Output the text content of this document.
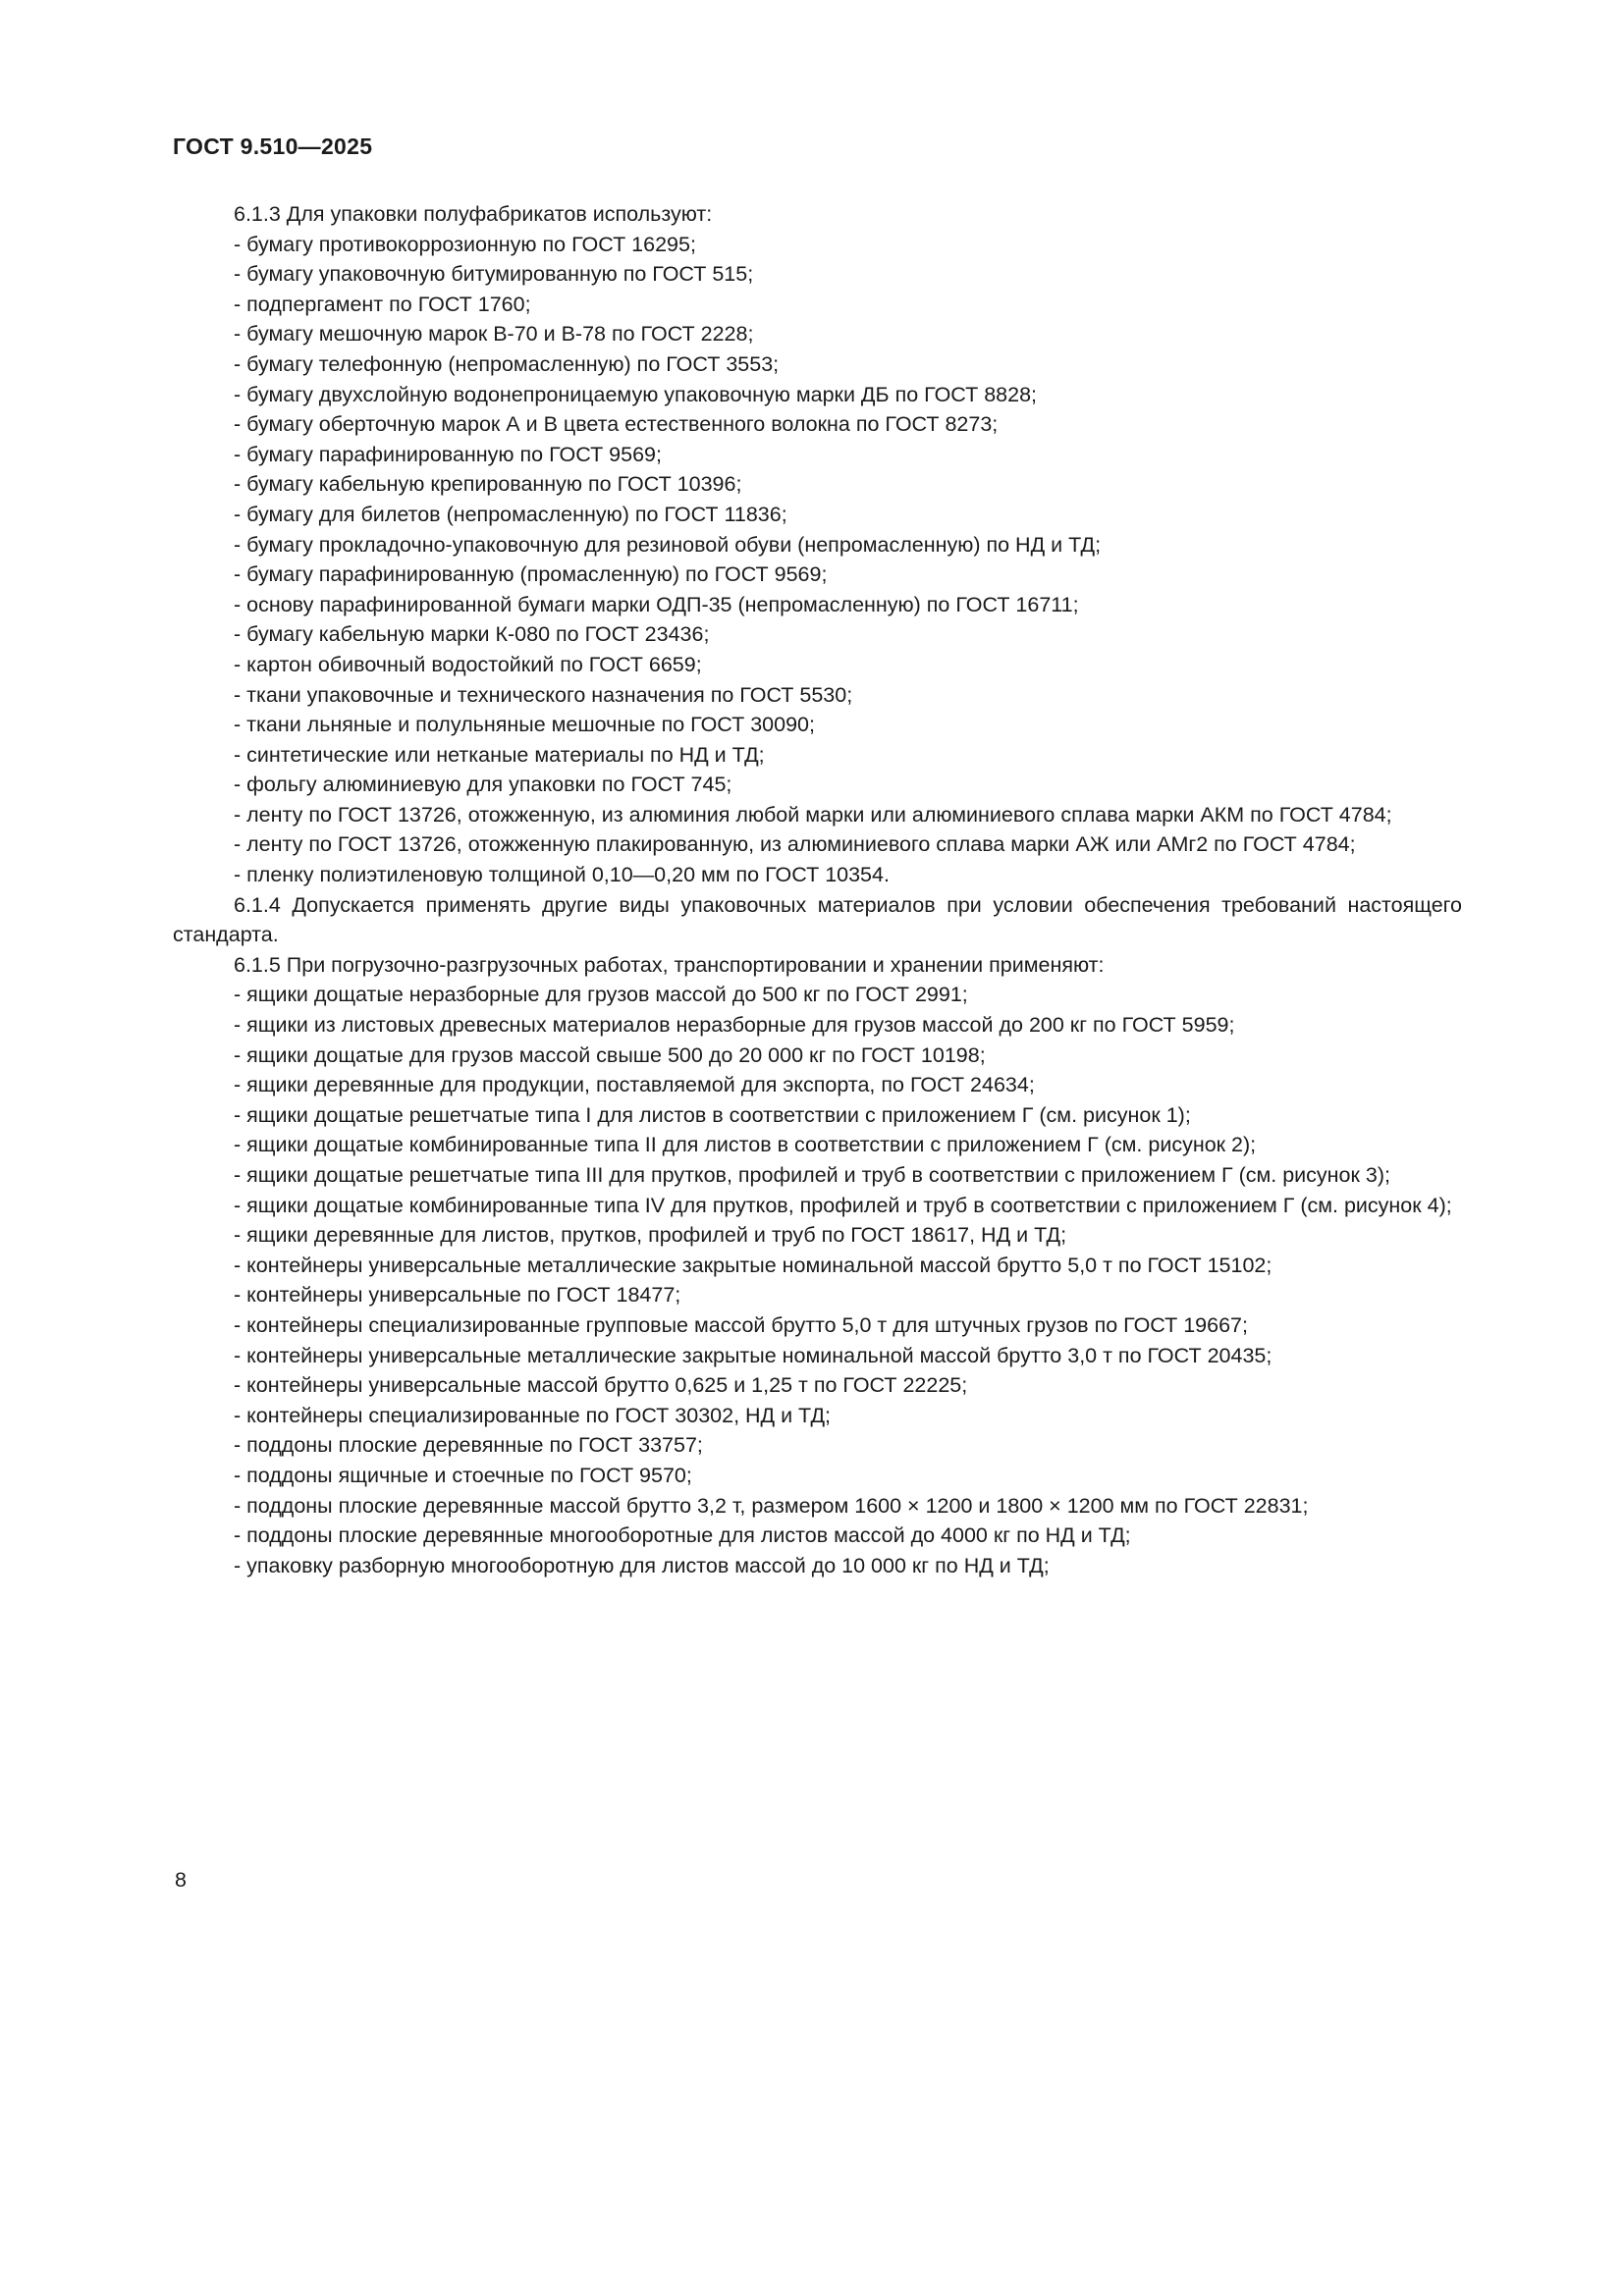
ГОСТ 9.510—2025

6.1.3 Для упаковки полуфабрикатов используют:

- бумагу противокоррозионную по ГОСТ 16295;

- бумагу упаковочную битумированную по ГОСТ 515;

- подпергамент по ГОСТ 1760;

- бумагу мешочную марок В-70 и В-78 по ГОСТ 2228;

- бумагу телефонную (непромасленную) по ГОСТ 3553;

- бумагу двухслойную водонепроницаемую упаковочную марки ДБ по ГОСТ 8828;

- бумагу оберточную марок А и В цвета естественного волокна по ГОСТ 8273;

- бумагу парафинированную по ГОСТ 9569;

- бумагу кабельную крепированную по ГОСТ 10396;

- бумагу для билетов (непромасленную) по ГОСТ 11836;

- бумагу прокладочно-упаковочную для резиновой обуви (непромасленную) по НД и ТД;

- бумагу парафинированную (промасленную) по ГОСТ 9569;

- основу парафинированной бумаги марки ОДП-35 (непромасленную) по ГОСТ 16711;

- бумагу кабельную марки К-080 по ГОСТ 23436;

- картон обивочный водостойкий по ГОСТ 6659;

- ткани упаковочные и технического назначения по ГОСТ 5530;

- ткани льняные и полульняные мешочные по ГОСТ 30090;

- синтетические или нетканые материалы по НД и ТД;

- фольгу алюминиевую для упаковки по ГОСТ 745;

- ленту по ГОСТ 13726, отожженную, из алюминия любой марки или алюминиевого сплава марки АКМ по ГОСТ 4784;

- ленту по ГОСТ 13726, отожженную плакированную, из алюминиевого сплава марки АЖ или АМг2 по ГОСТ 4784;

- пленку полиэтиленовую толщиной 0,10—0,20 мм по ГОСТ 10354.

6.1.4 Допускается применять другие виды упаковочных материалов при условии обеспечения требований настоящего стандарта.

6.1.5 При погрузочно-разгрузочных работах, транспортировании и хранении применяют:

- ящики дощатые неразборные для грузов массой до 500 кг по ГОСТ 2991;

- ящики из листовых древесных материалов неразборные для грузов массой до 200 кг по ГОСТ 5959;

- ящики дощатые для грузов массой свыше 500 до 20 000 кг по ГОСТ 10198;

- ящики деревянные для продукции, поставляемой для экспорта, по ГОСТ 24634;

- ящики дощатые решетчатые типа I для листов в соответствии с приложением Г (см. рисунок 1);

- ящики дощатые комбинированные типа II для листов в соответствии с приложением Г (см. рисунок 2);

- ящики дощатые решетчатые типа III для прутков, профилей и труб в соответствии с приложением Г (см. рисунок 3);

- ящики дощатые комбинированные типа IV для прутков, профилей и труб в соответствии с приложением Г (см. рисунок 4);

- ящики деревянные для листов, прутков, профилей и труб по ГОСТ 18617, НД и ТД;

- контейнеры универсальные металлические закрытые номинальной массой брутто 5,0 т по ГОСТ 15102;

- контейнеры универсальные по ГОСТ 18477;

- контейнеры специализированные групповые массой брутто 5,0 т для штучных грузов по ГОСТ 19667;

- контейнеры универсальные металлические закрытые номинальной массой брутто 3,0 т по ГОСТ 20435;

- контейнеры универсальные массой брутто 0,625 и 1,25 т по ГОСТ 22225;

- контейнеры специализированные по ГОСТ 30302, НД и ТД;

- поддоны плоские деревянные по ГОСТ 33757;

- поддоны ящичные и стоечные по ГОСТ 9570;

- поддоны плоские деревянные массой брутто 3,2 т, размером 1600 × 1200 и 1800 × 1200 мм по ГОСТ 22831;

- поддоны плоские деревянные многооборотные для листов массой до 4000 кг по НД и ТД;

- упаковку разборную многооборотную для листов массой до 10 000 кг по НД и ТД;

8
